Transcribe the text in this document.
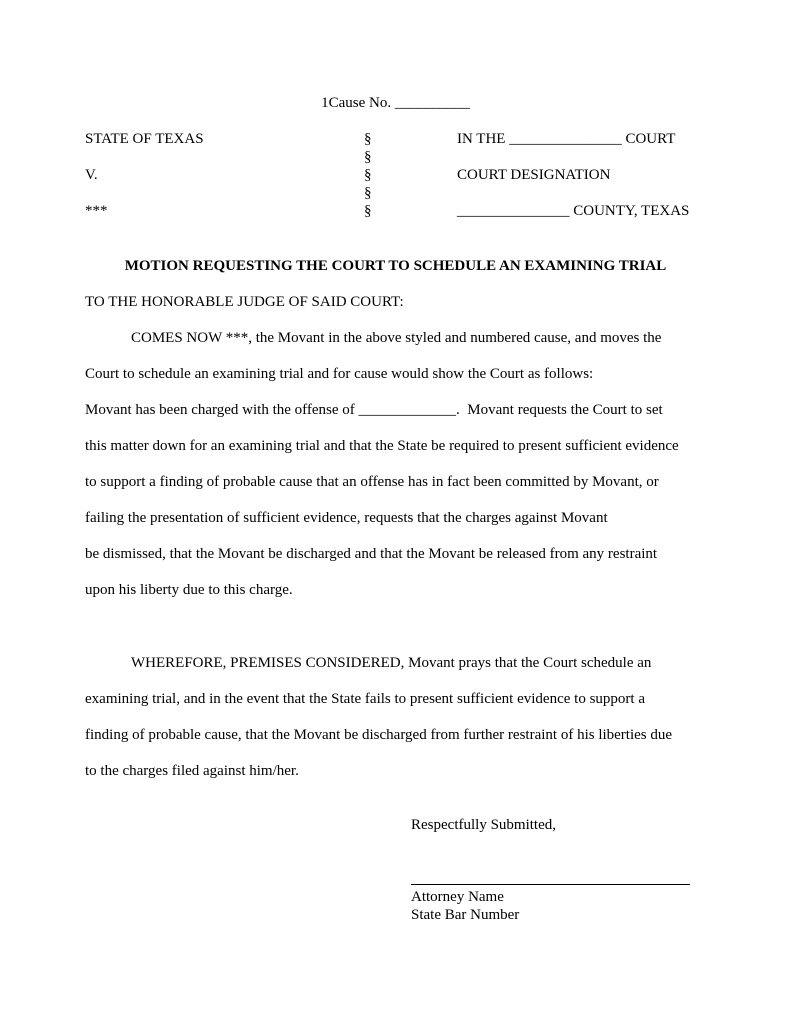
1Cause No. __________
STATE OF TEXAS
V.
***
§
§
§
§
§
IN THE _______________ COURT
COURT DESIGNATION
_______________ COUNTY, TEXAS
MOTION REQUESTING THE COURT TO SCHEDULE AN EXAMINING TRIAL
TO THE HONORABLE JUDGE OF SAID COURT:
COMES NOW ***, the Movant in the above styled and numbered cause, and moves the
Court to schedule an examining trial and for cause would show the Court as follows:
Movant has been charged with the offense of _____________.  Movant requests the Court to set
this matter down for an examining trial and that the State be required to present sufficient evidence
to support a finding of probable cause that an offense has in fact been committed by Movant, or
failing the presentation of sufficient evidence, requests that the charges against Movant
be dismissed, that the Movant be discharged and that the Movant be released from any restraint
upon his liberty due to this charge.
WHEREFORE, PREMISES CONSIDERED, Movant prays that the Court schedule an
examining trial, and in the event that the State fails to present sufficient evidence to support a
finding of probable cause, that the Movant be discharged from further restraint of his liberties due
to the charges filed against him/her.
Respectfully Submitted,
Attorney Name
State Bar Number
